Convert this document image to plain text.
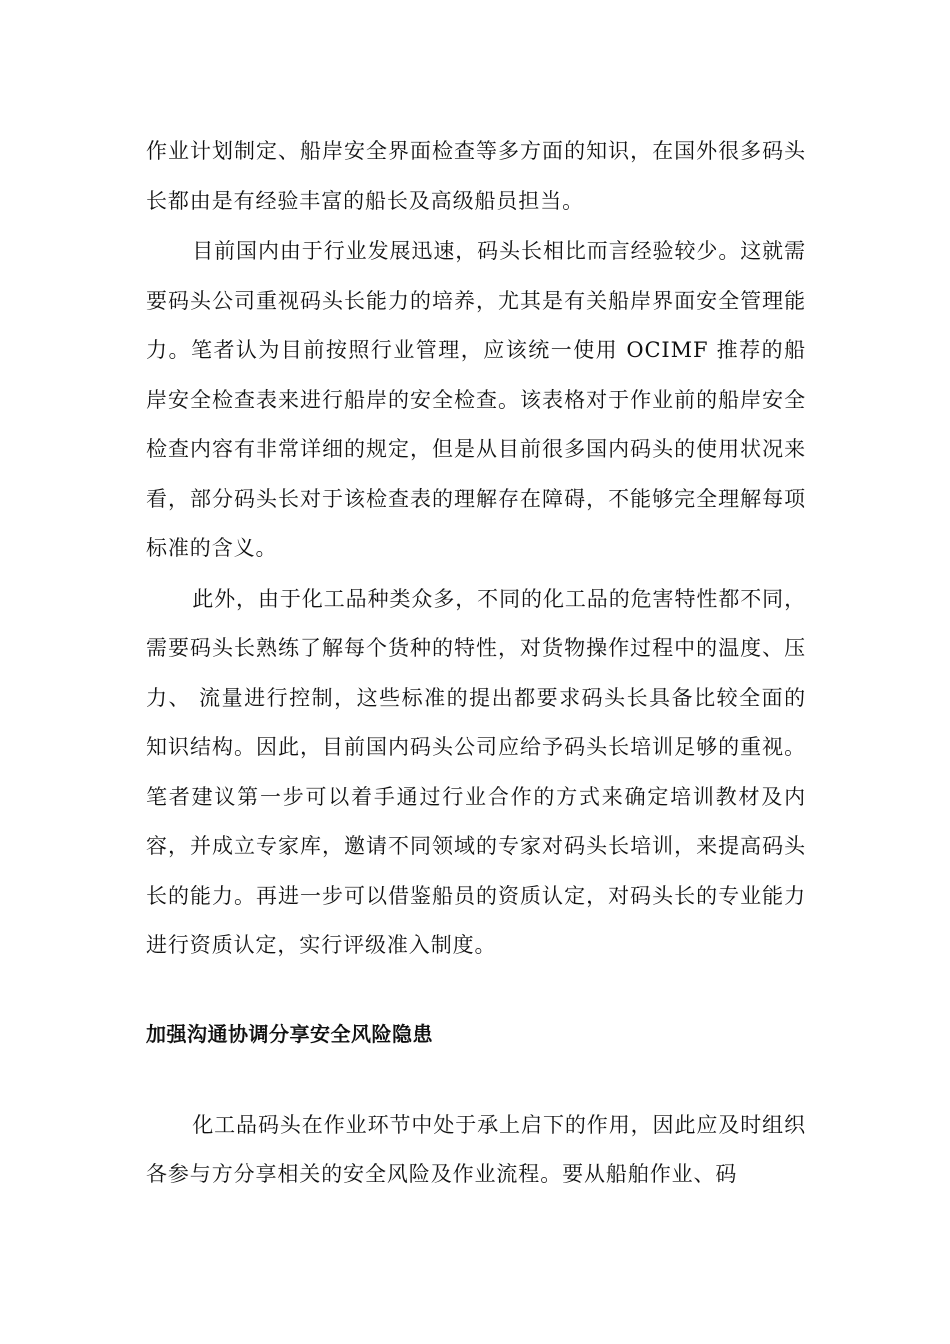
作业计划制定、船岸安全界面检查等多方面的知识，在国外很多码头长都由是有经验丰富的船长及高级船员担当。

目前国内由于行业发展迅速，码头长相比而言经验较少。这就需要码头公司重视码头长能力的培养，尤其是有关船岸界面安全管理能力。笔者认为目前按照行业管理，应该统一使用 OCIMF 推荐的船岸安全检查表来进行船岸的安全检查。该表格对于作业前的船岸安全检查内容有非常详细的规定，但是从目前很多国内码头的使用状况来看，部分码头长对于该检查表的理解存在障碍，不能够完全理解每项标准的含义。

此外，由于化工品种类众多，不同的化工品的危害特性都不同，需要码头长熟练了解每个货种的特性，对货物操作过程中的温度、压力、 流量进行控制，这些标准的提出都要求码头长具备比较全面的知识结构。因此，目前国内码头公司应给予码头长培训足够的重视。笔者建议第一步可以着手通过行业合作的方式来确定培训教材及内容，并成立专家库，邀请不同领域的专家对码头长培训，来提高码头长的能力。再进一步可以借鉴船员的资质认定，对码头长的专业能力进行资质认定，实行评级准入制度。

加强沟通协调分享安全风险隐患

化工品码头在作业环节中处于承上启下的作用，因此应及时组织各参与方分享相关的安全风险及作业流程。要从船舶作业、码
